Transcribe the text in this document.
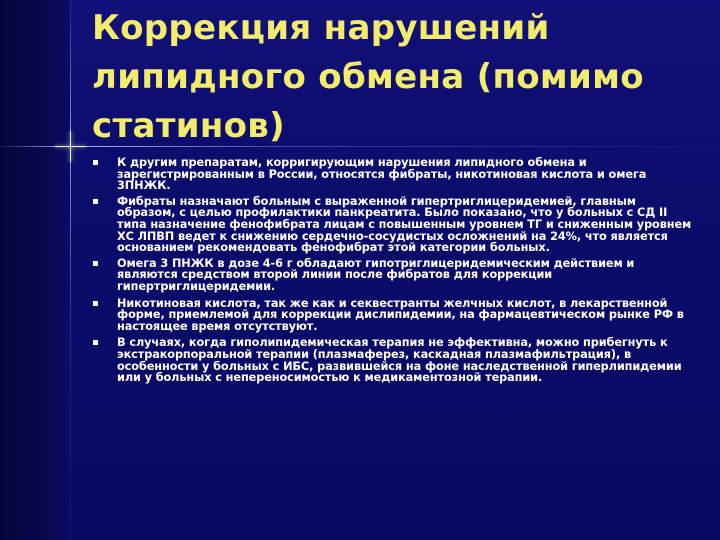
Коррекция нарушений липидного обмена (помимо статинов)
К другим препаратам, корригирующим нарушения липидного обмена и зарегистрированным в России, относятся фибраты, никотиновая кислота и омега 3ПНЖК.
Фибраты назначают больным с выраженной гипертриглицеридемией, главным образом, с целью профилактики панкреатита. Было показано, что у больных с СД II типа назначение фенофибрата лицам с повышенным уровнем ТГ и сниженным уровнем ХС ЛПВП ведет к снижению сердечно-сосудистых осложнений на 24%, что является основанием рекомендовать фенофибрат этой категории больных.
Омега 3 ПНЖК в дозе 4-6 г обладают гипотриглицеридемическим действием и являются средством второй линии после фибратов для коррекции гипертриглицеридемии.
Никотиновая кислота, так же как и секвестранты желчных кислот, в лекарственной форме, приемлемой для коррекции дислипидемии, на фармацевтическом рынке РФ в настоящее время отсутствуют.
В случаях, когда гиполипидемическая терапия не эффективна, можно прибегнуть к экстракорпоральной терапии (плазмаферез, каскадная плазмафильтрация), в особенности у больных с ИБС, развившейся на фоне наследственной гиперлипидемии или у больных с непереносимостью к медикаментозной терапии.
